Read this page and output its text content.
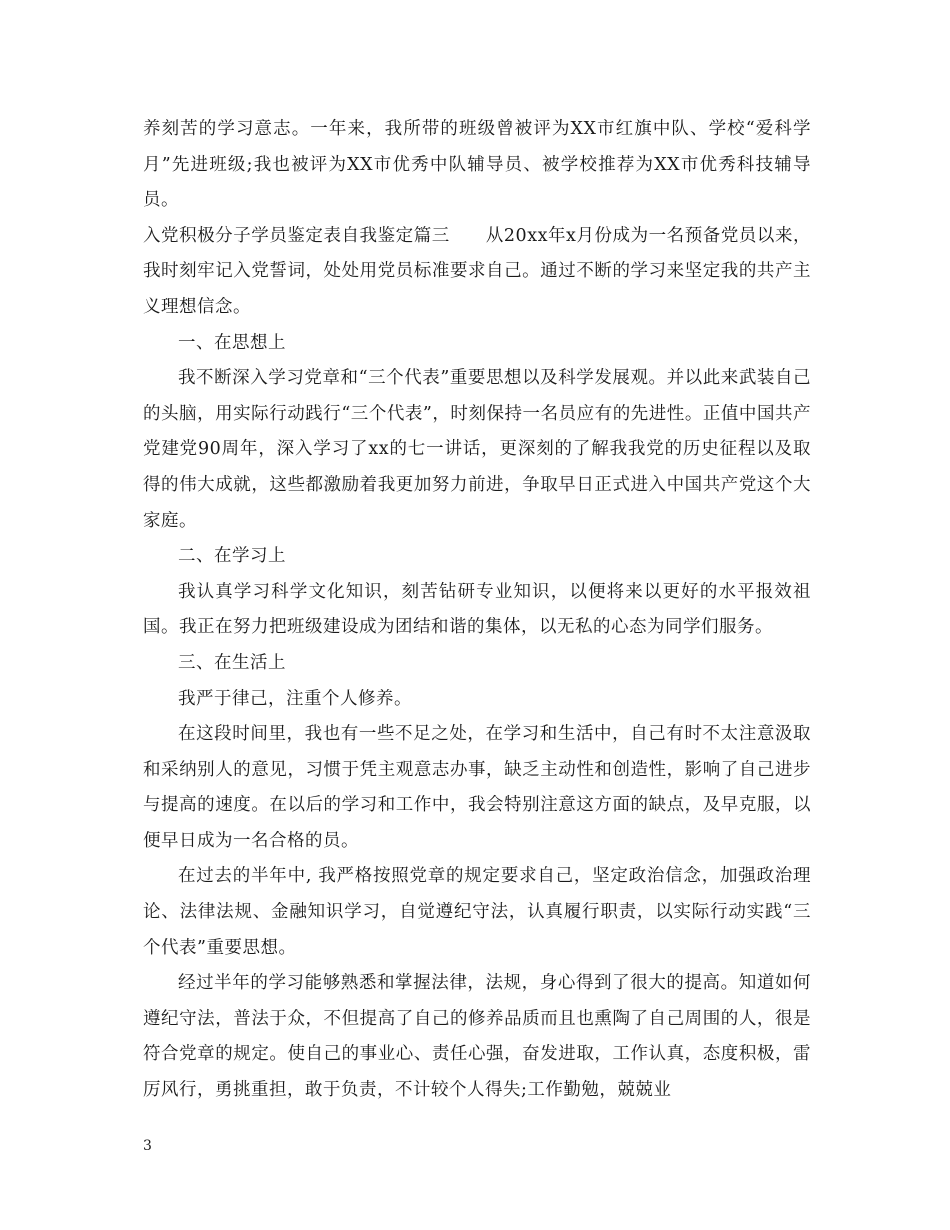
养刻苦的学习意志。一年来，我所带的班级曾被评为XX市红旗中队、学校“爱科学月”先进班级;我也被评为XX市优秀中队辅导员、被学校推荐为XX市优秀科技辅导员。

入党积极分子学员鉴定表自我鉴定篇三　　从20xx年x月份成为一名预备党员以来，我时刻牢记入党誓词，处处用党员标准要求自己。通过不断的学习来坚定我的共产主义理想信念。

一、在思想上

我不断深入学习党章和“三个代表”重要思想以及科学发展观。并以此来武装自己的头脑，用实际行动践行“三个代表”，时刻保持一名员应有的先进性。正值中国共产党建党90周年，深入学习了xx的七一讲话，更深刻的了解我我党的历史征程以及取得的伟大成就，这些都激励着我更加努力前进，争取早日正式进入中国共产党这个大家庭。

二、在学习上

我认真学习科学文化知识，刻苦钻研专业知识，以便将来以更好的水平报效祖国。我正在努力把班级建设成为团结和谐的集体，以无私的心态为同学们服务。

三、在生活上

我严于律己，注重个人修养。

在这段时间里，我也有一些不足之处，在学习和生活中，自己有时不太注意汲取和采纳别人的意见，习惯于凭主观意志办事，缺乏主动性和创造性，影响了自己进步与提高的速度。在以后的学习和工作中，我会特别注意这方面的缺点，及早克服，以便早日成为一名合格的员。

在过去的半年中, 我严格按照党章的规定要求自己，坚定政治信念，加强政治理论、法律法规、金融知识学习，自觉遵纪守法，认真履行职责，以实际行动实践“三个代表”重要思想。

经过半年的学习能够熟悉和掌握法律，法规，身心得到了很大的提高。知道如何遵纪守法，普法于众，不但提高了自己的修养品质而且也熏陶了自己周围的人，很是符合党章的规定。使自己的事业心、责任心强，奋发进取，工作认真，态度积极，雷厉风行，勇挑重担，敢于负责，不计较个人得失;工作勤勉，兢兢业

3
